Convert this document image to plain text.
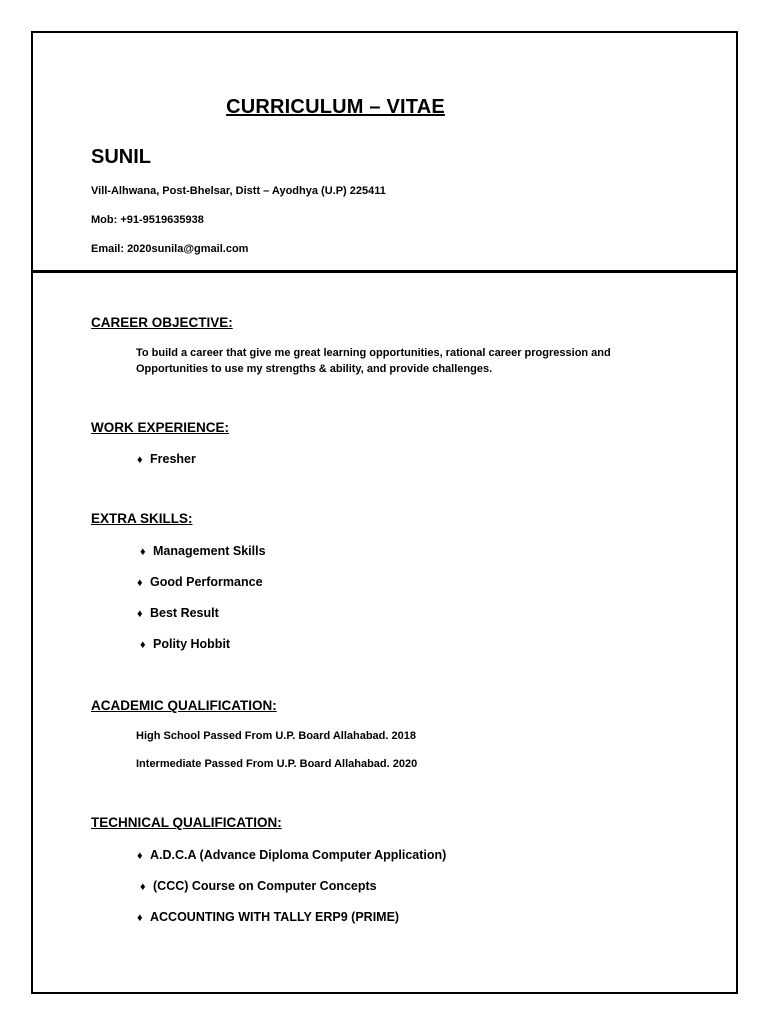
CURRICULUM – VITAE
SUNIL
Vill-Alhwana, Post-Bhelsar, Distt – Ayodhya (U.P) 225411
Mob: +91-9519635938
Email: 2020sunila@gmail.com
CAREER OBJECTIVE:
To build a career that give me great learning opportunities, rational career progression and
Opportunities to use my strengths & ability, and provide challenges.
WORK EXPERIENCE:
♦ Fresher
EXTRA SKILLS:
♦ Management Skills
♦ Good Performance
♦ Best Result
♦ Polity Hobbit
ACADEMIC QUALIFICATION:
High School Passed From U.P. Board Allahabad. 2018
Intermediate Passed From U.P. Board Allahabad. 2020
TECHNICAL QUALIFICATION:
♦ A.D.C.A (Advance Diploma Computer Application)
♦ (CCC) Course on Computer Concepts
♦ ACCOUNTING WITH TALLY ERP9 (PRIME)
